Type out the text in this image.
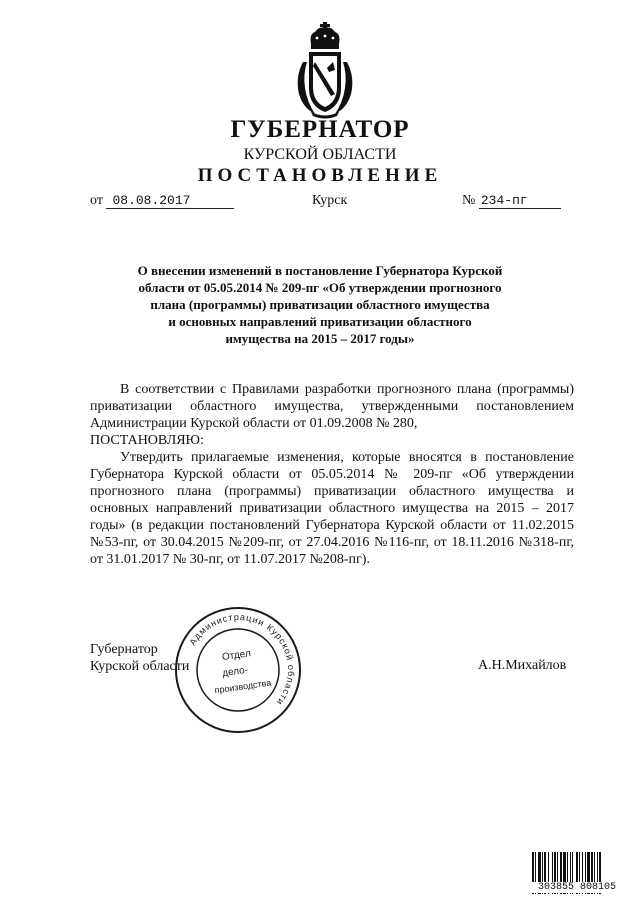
ГУБЕРНАТОР
КУРСКОЙ ОБЛАСТИ
ПОСТАНОВЛЕНИЕ
от 08.08.2017	Курск	№ 234-пг
О внесении изменений в постановление Губернатора Курской
области от 05.05.2014 № 209-пг «Об утверждении прогнозного
плана (программы) приватизации областного имущества
и основных направлений приватизации областного
имущества на 2015 – 2017 годы»

В соответствии с Правилами разработки прогнозного плана (программы) приватизации областного имущества, утвержденными постановлением Администрации Курской области от 01.09.2008 № 280,

ПОСТАНОВЛЯЮ:

Утвердить прилагаемые изменения, которые вносятся в постановление Губернатора Курской области от 05.05.2014 № 209-пг «Об утверждении прогнозного плана (программы) приватизации областного имущества и основных направлений приватизации областного имущества на 2015 – 2017 годы» (в редакции постановлений Губернатора Курской области от 11.02.2015 №53-пг, от 30.04.2015 №209-пг, от 27.04.2016 №116-пг, от 18.11.2016 №318-пг, от 31.01.2017 № 30-пг, от 11.07.2017 №208-пг).

Администрации Курской области
Отдел
дело-
производства
Губернатор
Курской области	А.Н.Михайлов
303855 808105
